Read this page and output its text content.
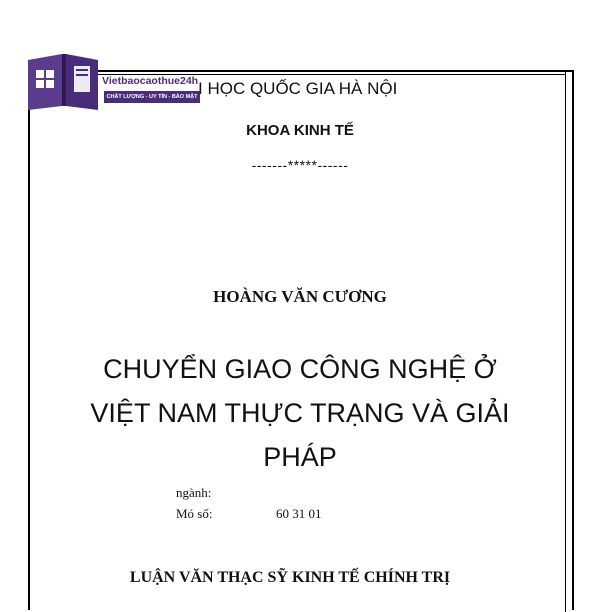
Vietbaocaothue24h
CHẤT LƯỢNG - UY TÍN - BẢO MẬT I HỌC QUỐC GIA HÀ NỘI
KHOA KINH TẾ
-------*****------
HOÀNG VĂN CƯƠNG
CHUYỂN GIAO CÔNG NGHỆ Ở
VIỆT NAM THỰC TRẠNG VÀ GIẢI
PHÁP
ngành:
Mó số:	60 31 01
LUẬN VĂN THẠC SỸ KINH TẾ CHÍNH TRỊ
